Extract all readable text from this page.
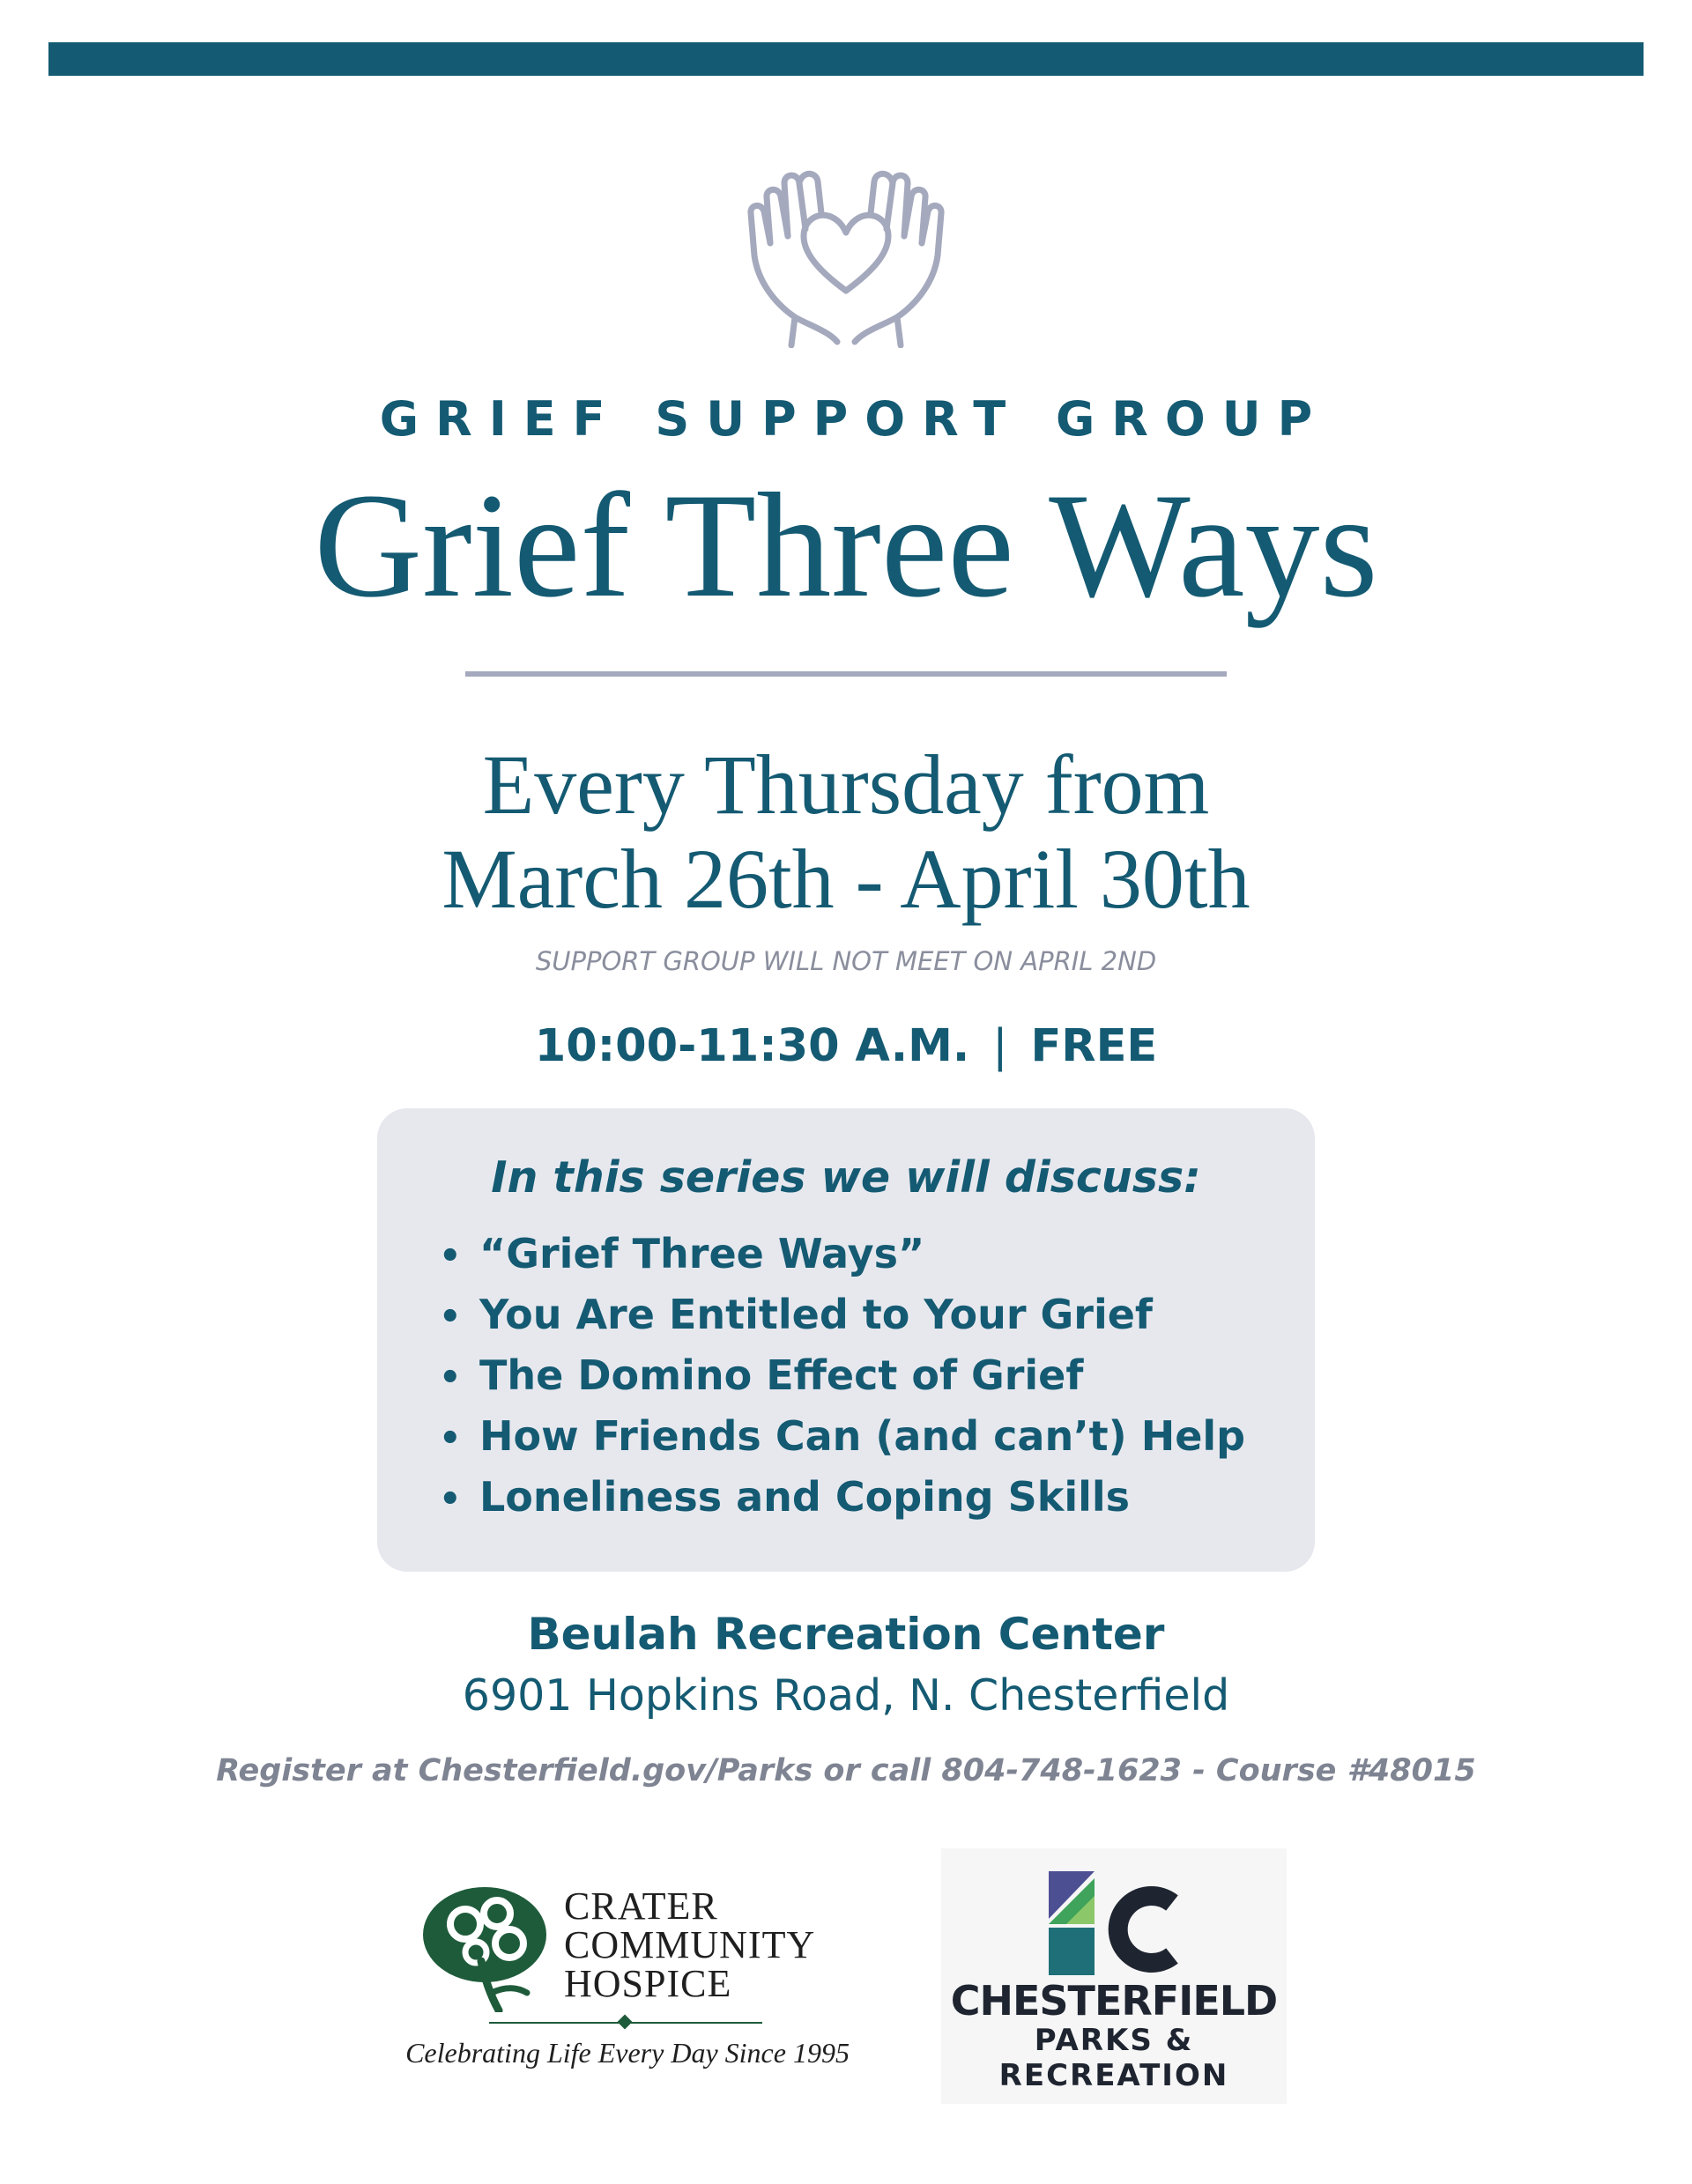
GRIEF SUPPORT GROUP
Grief Three Ways
Every Thursday from
March 26th - April 30th
SUPPORT GROUP WILL NOT MEET ON APRIL 2ND
10:00-11:30 A.M. | FREE
In this series we will discuss:
• “Grief Three Ways”
• You Are Entitled to Your Grief
• The Domino Effect of Grief
• How Friends Can (and can’t) Help
• Loneliness and Coping Skills
Beulah Recreation Center
6901 Hopkins Road, N. Chesterfield
Register at Chesterfield.gov/Parks or call 804-748-1623 - Course #48015
CRATER
COMMUNITY
HOSPICE
Celebrating Life Every Day Since 1995
CHESTERFIELD
PARKS &
RECREATION
